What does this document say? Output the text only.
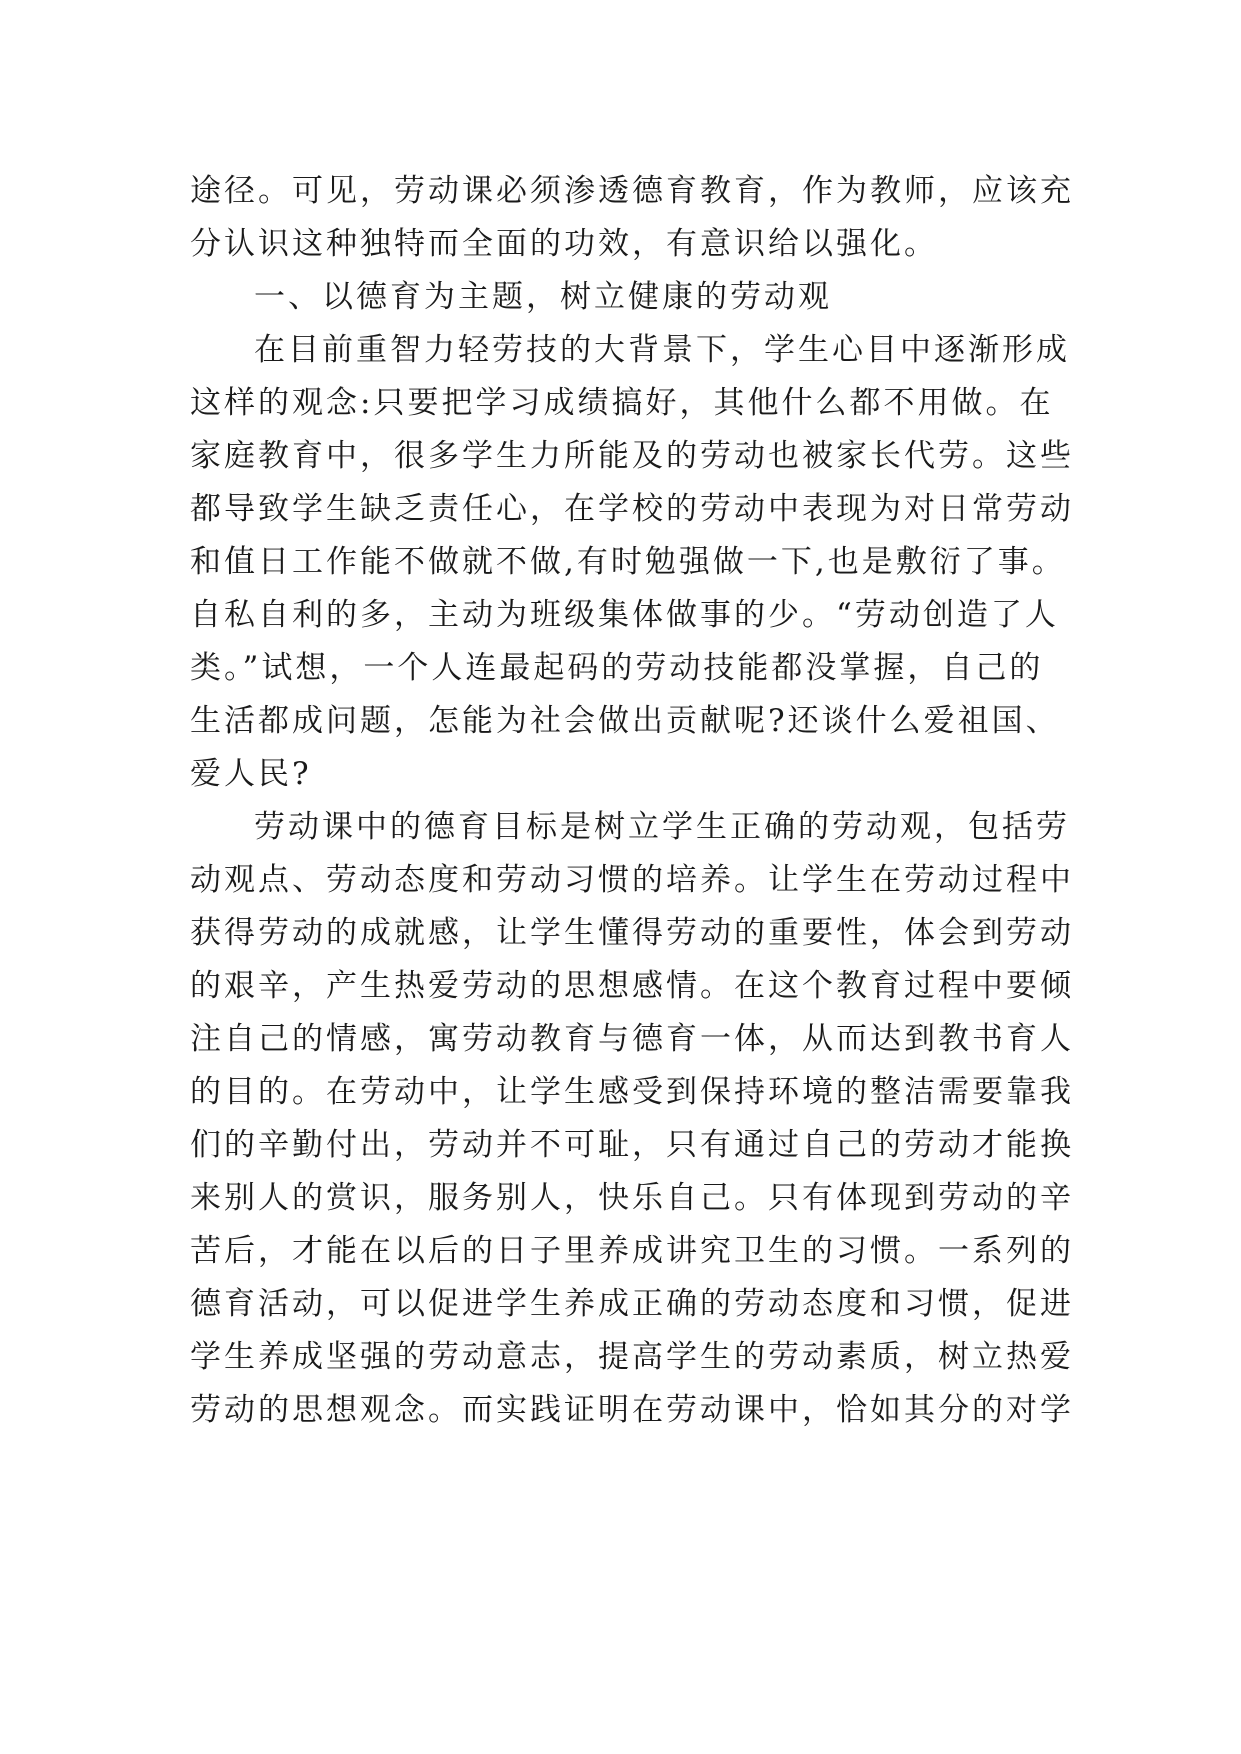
途径。可见，劳动课必须渗透德育教育，作为教师，应该充
分认识这种独特而全面的功效，有意识给以强化。
一、以德育为主题，树立健康的劳动观
在目前重智力轻劳技的大背景下，学生心目中逐渐形成
这样的观念:只要把学习成绩搞好，其他什么都不用做。在
家庭教育中，很多学生力所能及的劳动也被家长代劳。这些
都导致学生缺乏责任心，在学校的劳动中表现为对日常劳动
和值日工作能不做就不做,有时勉强做一下,也是敷衍了事。
自私自利的多，主动为班级集体做事的少。“劳动创造了人
类。”试想，一个人连最起码的劳动技能都没掌握，自己的
生活都成问题，怎能为社会做出贡献呢?还谈什么爱祖国、
爱人民?
劳动课中的德育目标是树立学生正确的劳动观，包括劳
动观点、劳动态度和劳动习惯的培养。让学生在劳动过程中
获得劳动的成就感，让学生懂得劳动的重要性，体会到劳动
的艰辛，产生热爱劳动的思想感情。在这个教育过程中要倾
注自己的情感，寓劳动教育与德育一体，从而达到教书育人
的目的。在劳动中，让学生感受到保持环境的整洁需要靠我
们的辛勤付出，劳动并不可耻，只有通过自己的劳动才能换
来别人的赏识，服务别人，快乐自己。只有体现到劳动的辛
苦后，才能在以后的日子里养成讲究卫生的习惯。一系列的
德育活动，可以促进学生养成正确的劳动态度和习惯，促进
学生养成坚强的劳动意志，提高学生的劳动素质，树立热爱
劳动的思想观念。而实践证明在劳动课中，恰如其分的对学
